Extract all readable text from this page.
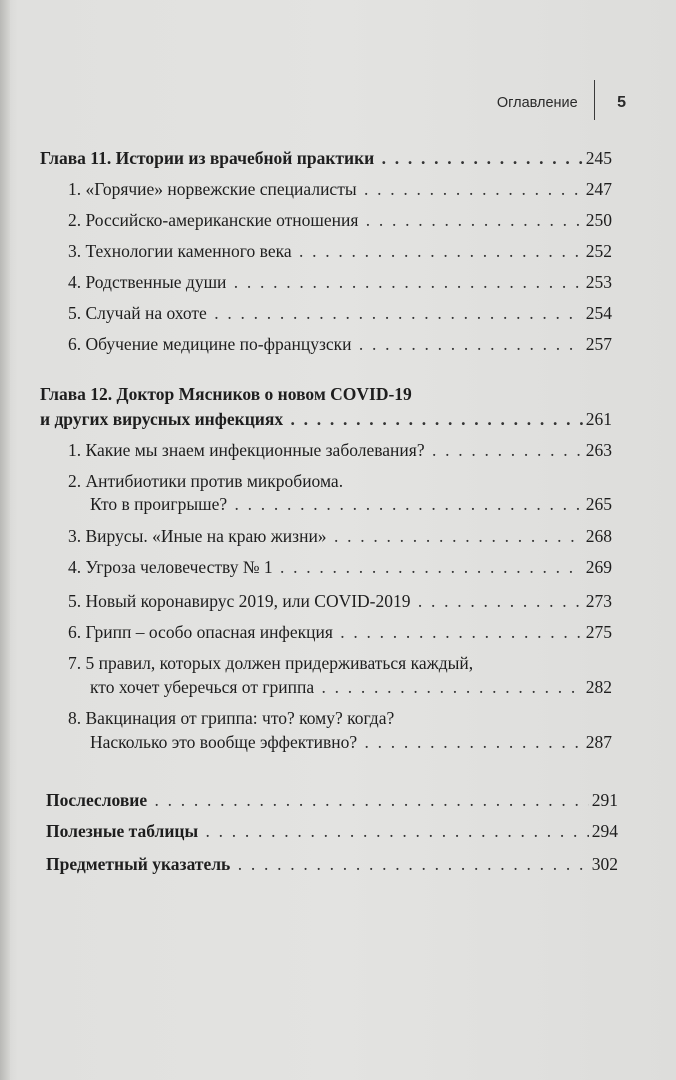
Оглавление	5
Глава 11. Истории из врачебной практики . .	245
1. «Горячие» норвежские специалисты . .	247
2. Российско-американские отношения . .	250
3. Технологии каменного века . .	252
4. Родственные души . .	253
5. Случай на охоте . .	254
6. Обучение медицине по-французски . .	257
Глава 12. Доктор Мясников о новом COVID-19
и других вирусных инфекциях . .	261
1. Какие мы знаем инфекционные заболевания? . .	263
2. Антибиотики против микробиома.
Кто в проигрыше? . .	265
3. Вирусы. «Иные на краю жизни» . .	268
4. Угроза человечеству № 1 . .	269
5. Новый коронавирус 2019, или COVID-2019 . .	273
6. Грипп – особо опасная инфекция . .	275
7. 5 правил, которых должен придерживаться каждый,
кто хочет уберечься от гриппа . .	282
8. Вакцинация от гриппа: что? кому? когда?
Насколько это вообще эффективно? . .	287
Послесловие . .	291
Полезные таблицы . .	294
Предметный указатель . .	302
